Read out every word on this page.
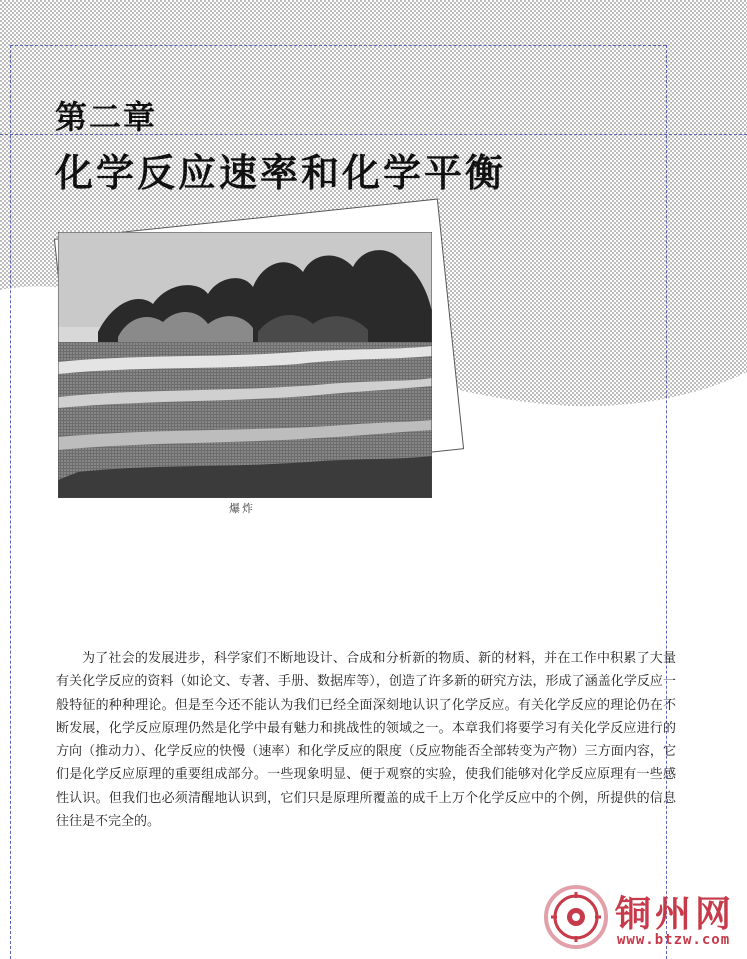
第二章
化学反应速率和化学平衡
爆炸
为了社会的发展进步，科学家们不断地设计、合成和分析新的物质、新的材料，并在工作中积累了大量有关化学反应的资料（如论文、专著、手册、数据库等），创造了许多新的研究方法，形成了涵盖化学反应一般特征的种种理论。但是至今还不能认为我们已经全面深刻地认识了化学反应。有关化学反应的理论仍在不断发展，化学反应原理仍然是化学中最有魅力和挑战性的领域之一。本章我们将要学习有关化学反应进行的方向（推动力）、化学反应的快慢（速率）和化学反应的限度（反应物能否全部转变为产物）三方面内容，它们是化学反应原理的重要组成部分。一些现象明显、便于观察的实验，使我们能够对化学反应原理有一些感性认识。但我们也必须清醒地认识到，它们只是原理所覆盖的成千上万个化学反应中的个例，所提供的信息往往是不完全的。
铜州网
www.btzw.com
